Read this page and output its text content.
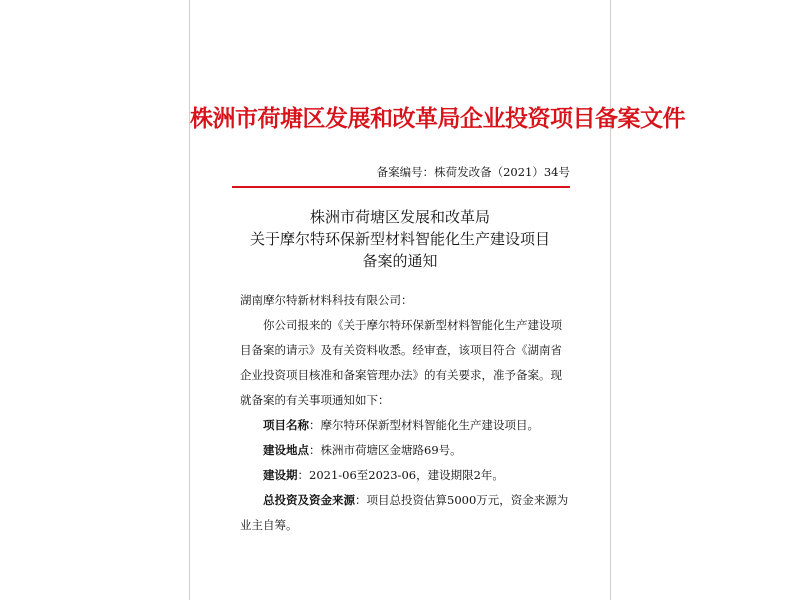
株洲市荷塘区发展和改革局企业投资项目备案文件
备案编号：株荷发改备（2021）34号
株洲市荷塘区发展和改革局
关于摩尔特环保新型材料智能化生产建设项目
备案的通知
湖南摩尔特新材料科技有限公司：

你公司报来的《关于摩尔特环保新型材料智能化生产建设项目备案的请示》及有关资料收悉。经审查，该项目符合《湖南省企业投资项目核准和备案管理办法》的有关要求，准予备案。现就备案的有关事项通知如下：

项目名称：摩尔特环保新型材料智能化生产建设项目。
建设地点：株洲市荷塘区金塘路69号。
建设期：2021-06至2023-06，建设期限2年。
总投资及资金来源：项目总投资估算5000万元，资金来源为
业主自筹。
